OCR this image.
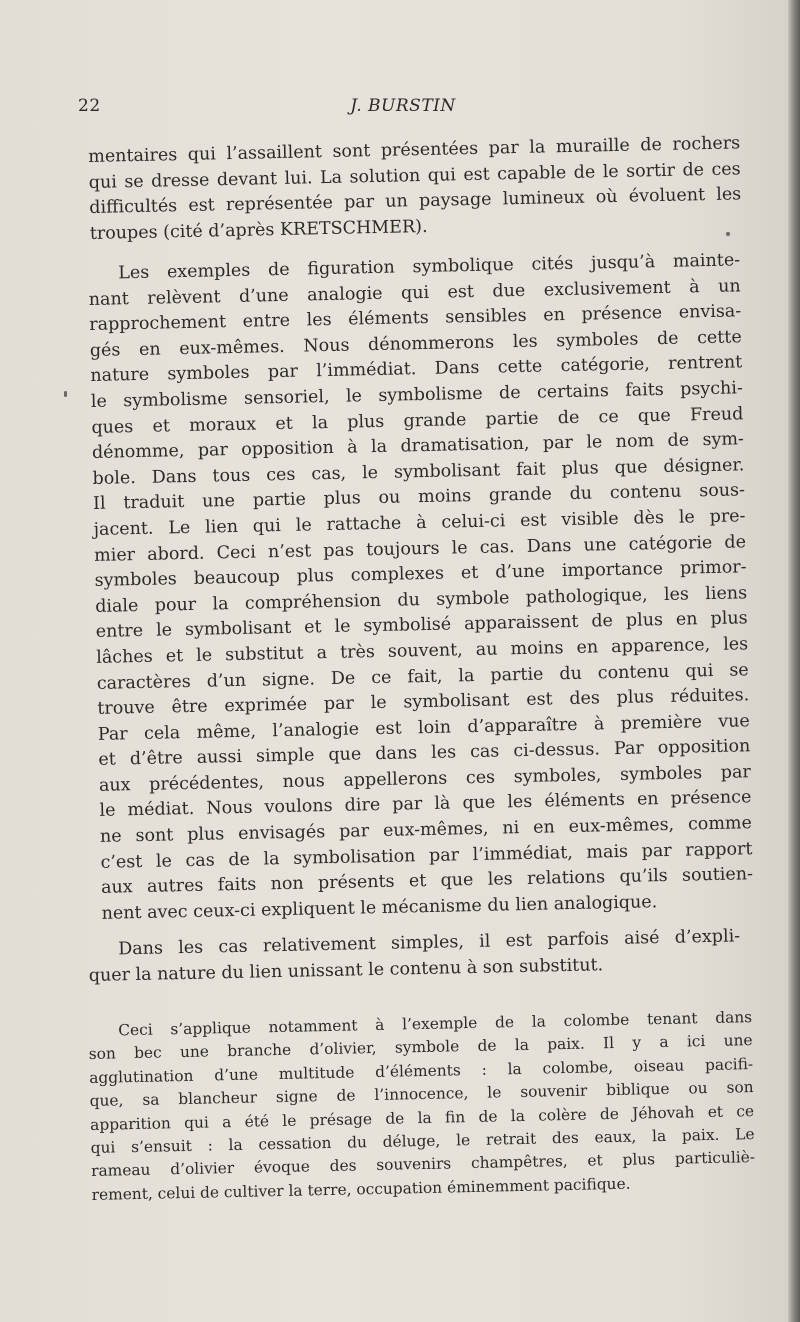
22	J. BURSTIN
mentaires qui l’assaillent sont présentées par la muraille de rochers
qui se dresse devant lui. La solution qui est capable de le sortir de ces
difficultés est représentée par un paysage lumineux où évoluent les
troupes (cité d’après KRETSCHMER).
Les exemples de figuration symbolique cités jusqu’à mainte-
nant relèvent d’une analogie qui est due exclusivement à un
rapprochement entre les éléments sensibles en présence envisa-
gés en eux-mêmes. Nous dénommerons les symboles de cette
nature symboles par l’immédiat. Dans cette catégorie, rentrent
le symbolisme sensoriel, le symbolisme de certains faits psychi-
ques et moraux et la plus grande partie de ce que Freud
dénomme, par opposition à la dramatisation, par le nom de sym-
bole. Dans tous ces cas, le symbolisant fait plus que désigner.
Il traduit une partie plus ou moins grande du contenu sous-
jacent. Le lien qui le rattache à celui-ci est visible dès le pre-
mier abord. Ceci n’est pas toujours le cas. Dans une catégorie de
symboles beaucoup plus complexes et d’une importance primor-
diale pour la compréhension du symbole pathologique, les liens
entre le symbolisant et le symbolisé apparaissent de plus en plus
lâches et le substitut a très souvent, au moins en apparence, les
caractères d’un signe. De ce fait, la partie du contenu qui se
trouve être exprimée par le symbolisant est des plus réduites.
Par cela même, l’analogie est loin d’apparaître à première vue
et d’être aussi simple que dans les cas ci-dessus. Par opposition
aux précédentes, nous appellerons ces symboles, symboles par
le médiat. Nous voulons dire par là que les éléments en présence
ne sont plus envisagés par eux-mêmes, ni en eux-mêmes, comme
c’est le cas de la symbolisation par l’immédiat, mais par rapport
aux autres faits non présents et que les relations qu’ils soutien-
nent avec ceux-ci expliquent le mécanisme du lien analogique.
Dans les cas relativement simples, il est parfois aisé d’expli-
quer la nature du lien unissant le contenu à son substitut.
Ceci s’applique notamment à l’exemple de la colombe tenant dans
son bec une branche d’olivier, symbole de la paix. Il y a ici une
agglutination d’une multitude d’éléments : la colombe, oiseau pacifi-
que, sa blancheur signe de l’innocence, le souvenir biblique ou son
apparition qui a été le présage de la fin de la colère de Jéhovah et ce
qui s’ensuit : la cessation du déluge, le retrait des eaux, la paix. Le
rameau d’olivier évoque des souvenirs champêtres, et plus particuliè-
rement, celui de cultiver la terre, occupation éminemment pacifique.
